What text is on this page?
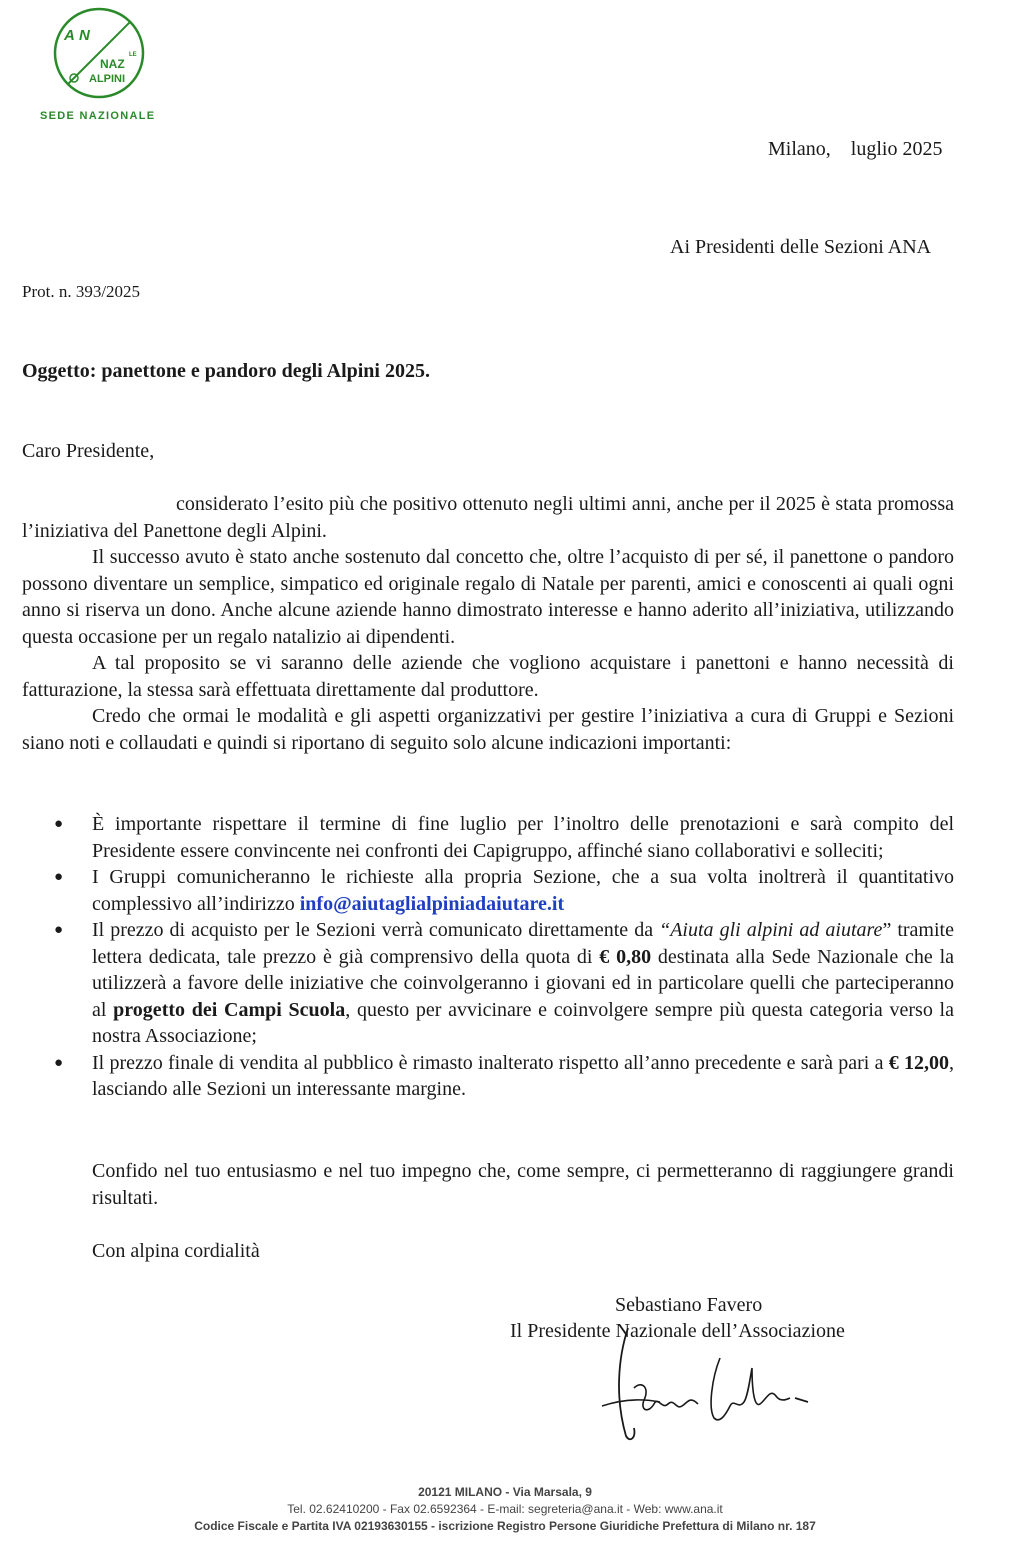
A N
NAZ
LE
ALPINI
SEDE NAZIONALE
Milano, luglio 2025
Ai Presidenti delle Sezioni ANA
Prot. n. 393/2025
Oggetto: panettone e pandoro degli Alpini 2025.
Caro Presidente,

considerato l’esito più che positivo ottenuto negli ultimi anni, anche per il 2025 è stata promossa l’iniziativa del Panettone degli Alpini.

Il successo avuto è stato anche sostenuto dal concetto che, oltre l’acquisto di per sé, il panettone o pandoro possono diventare un semplice, simpatico ed originale regalo di Natale per parenti, amici e conoscenti ai quali ogni anno si riserva un dono. Anche alcune aziende hanno dimostrato interesse e hanno aderito all’iniziativa, utilizzando questa occasione per un regalo natalizio ai dipendenti.

A tal proposito se vi saranno delle aziende che vogliono acquistare i panettoni e hanno necessità di fatturazione, la stessa sarà effettuata direttamente dal produttore.

Credo che ormai le modalità e gli aspetti organizzativi per gestire l’iniziativa a cura di Gruppi e Sezioni siano noti e collaudati e quindi si riportano di seguito solo alcune indicazioni importanti:

● È importante rispettare il termine di fine luglio per l’inoltro delle prenotazioni e sarà compito del Presidente essere convincente nei confronti dei Capigruppo, affinché siano collaborativi e solleciti;
● I Gruppi comunicheranno le richieste alla propria Sezione, che a sua volta inoltrerà il quantitativo complessivo all’indirizzo info@aiutaglialpiniadaiutare.it
● Il prezzo di acquisto per le Sezioni verrà comunicato direttamente da “Aiuta gli alpini ad aiutare” tramite lettera dedicata, tale prezzo è già comprensivo della quota di € 0,80 destinata alla Sede Nazionale che la utilizzerà a favore delle iniziative che coinvolgeranno i giovani ed in particolare quelli che parteciperanno al progetto dei Campi Scuola, questo per avvicinare e coinvolgere sempre più questa categoria verso la nostra Associazione;
● Il prezzo finale di vendita al pubblico è rimasto inalterato rispetto all’anno precedente e sarà pari a € 12,00, lasciando alle Sezioni un interessante margine.
Confido nel tuo entusiasmo e nel tuo impegno che, come sempre, ci permetteranno di raggiungere grandi risultati.
Con alpina cordialità
Sebastiano Favero
Il Presidente Nazionale dell’Associazione
20121 MILANO - Via Marsala, 9
Tel. 02.62410200 - Fax 02.6592364 - E-mail: segreteria@ana.it - Web: www.ana.it
Codice Fiscale e Partita IVA 02193630155 - iscrizione Registro Persone Giuridiche Prefettura di Milano nr. 187
